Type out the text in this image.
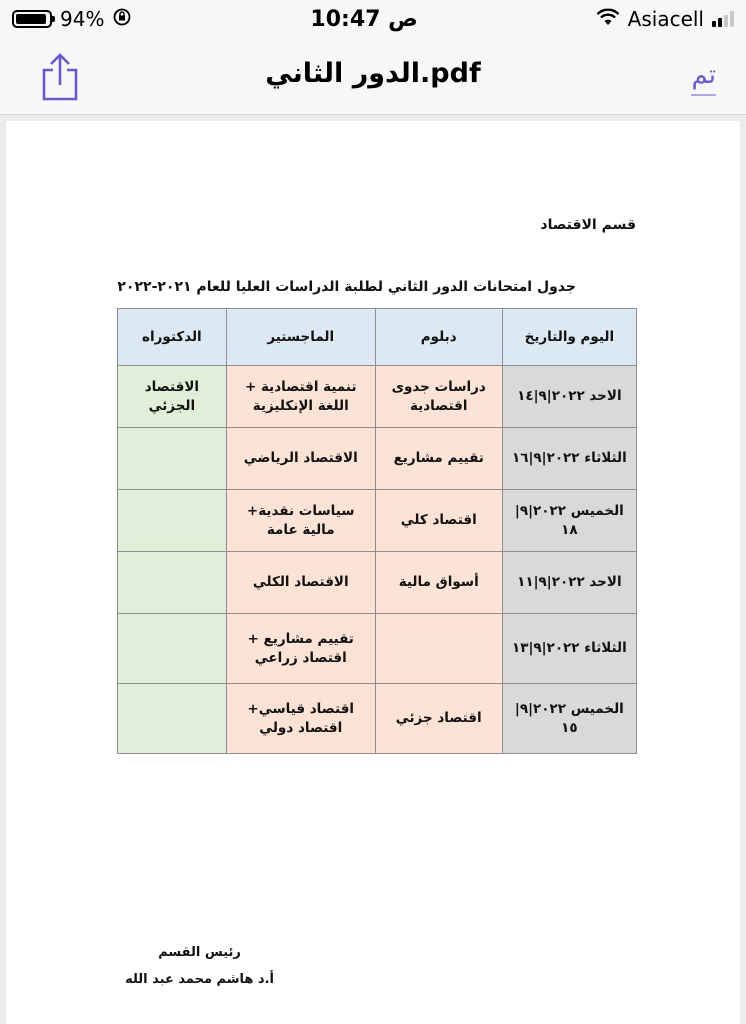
94%	10:47 ص	Asiacell
الدور الثاني.pdf	تم
قسم الاقتصاد
جدول امتحانات الدور الثاني لطلبة الدراسات العليا للعام ٢٠٢١-٢٠٢٢
اليوم والتاريخ	دبلوم	الماجستير	الدكتوراه
الاحد ٢٠٢٢|٩|١٤	دراسات جدوى اقتصادية	تنمية اقتصادية + اللغة الإنكليزية	الاقتصاد الجزئي
الثلاثاء ٢٠٢٢|٩|١٦	تقييم مشاريع	الاقتصاد الرياضي	
الخميس ٢٠٢٢|٩|١٨	اقتصاد كلي	سياسات نقدية+ مالية عامة	
الاحد ٢٠٢٢|٩|١١	أسواق مالية	الاقتصاد الكلي	
الثلاثاء ٢٠٢٢|٩|١٣		تقييم مشاريع + اقتصاد زراعي	
الخميس ٢٠٢٢|٩|١٥	اقتصاد جزئي	اقتصاد قياسي+ اقتصاد دولي	
رئيس القسم
أ.د هاشم محمد عبد الله
